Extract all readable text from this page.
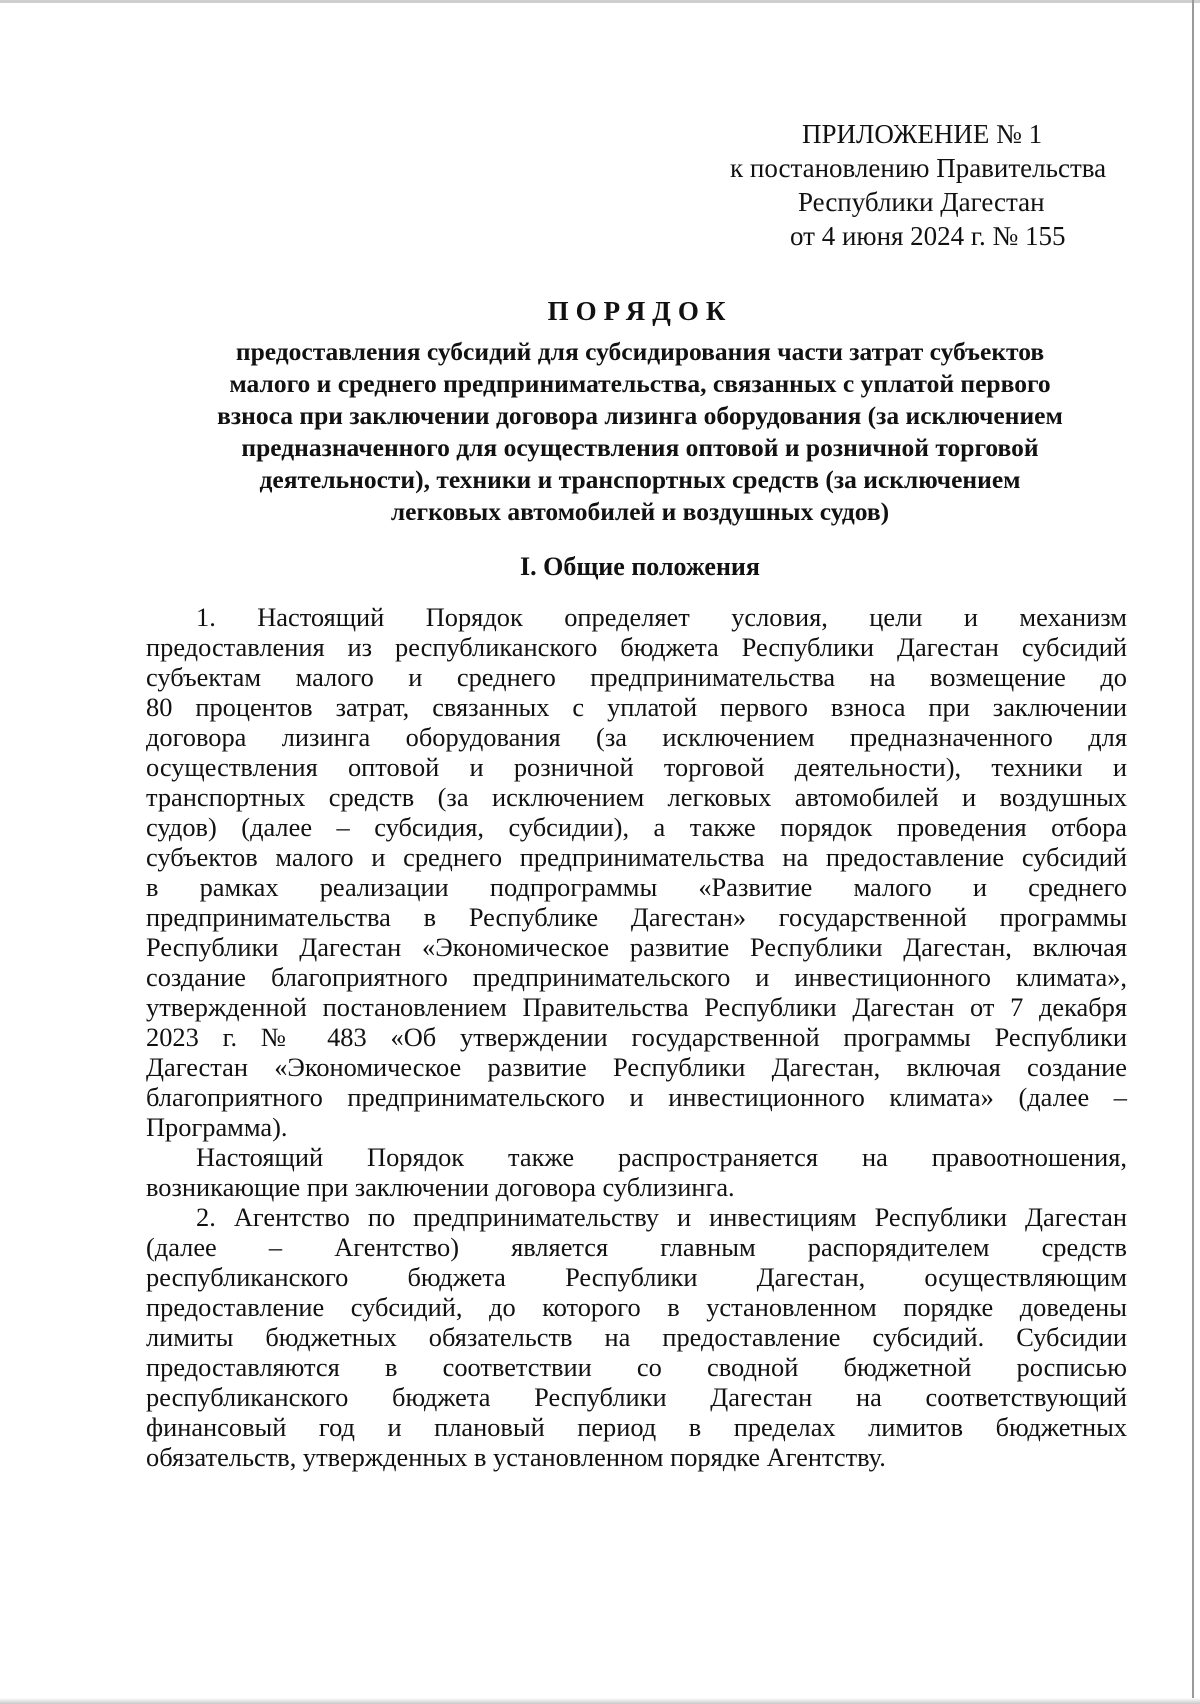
ПРИЛОЖЕНИЕ № 1
к постановлению Правительства
Республики Дагестан
от 4 июня 2024 г. № 155
ПОРЯДОК
предоставления субсидий для субсидирования части затрат субъектов
малого и среднего предпринимательства, связанных с уплатой первого
взноса при заключении договора лизинга оборудования (за исключением
предназначенного для осуществления оптовой и розничной торговой
деятельности), техники и транспортных средств (за исключением
легковых автомобилей и воздушных судов)
I. Общие положения
1. Настоящий Порядок определяет условия, цели и механизм
предоставления из республиканского бюджета Республики Дагестан субсидий
субъектам малого и среднего предпринимательства на возмещение до
80 процентов затрат, связанных с уплатой первого взноса при заключении
договора лизинга оборудования (за исключением предназначенного для
осуществления оптовой и розничной торговой деятельности), техники и
транспортных средств (за исключением легковых автомобилей и воздушных
судов) (далее – субсидия, субсидии), а также порядок проведения отбора
субъектов малого и среднего предпринимательства на предоставление субсидий
в рамках реализации подпрограммы «Развитие малого и среднего
предпринимательства в Республике Дагестан» государственной программы
Республики Дагестан «Экономическое развитие Республики Дагестан, включая
создание благоприятного предпринимательского и инвестиционного климата»,
утвержденной постановлением Правительства Республики Дагестан от 7 декабря
2023 г. № 483 «Об утверждении государственной программы Республики
Дагестан «Экономическое развитие Республики Дагестан, включая создание
благоприятного предпринимательского и инвестиционного климата» (далее –
Программа).
Настоящий Порядок также распространяется на правоотношения,
возникающие при заключении договора сублизинга.
2. Агентство по предпринимательству и инвестициям Республики Дагестан
(далее – Агентство) является главным распорядителем средств
республиканского бюджета Республики Дагестан, осуществляющим
предоставление субсидий, до которого в установленном порядке доведены
лимиты бюджетных обязательств на предоставление субсидий. Субсидии
предоставляются в соответствии со сводной бюджетной росписью
республиканского бюджета Республики Дагестан на соответствующий
финансовый год и плановый период в пределах лимитов бюджетных
обязательств, утвержденных в установленном порядке Агентству.
